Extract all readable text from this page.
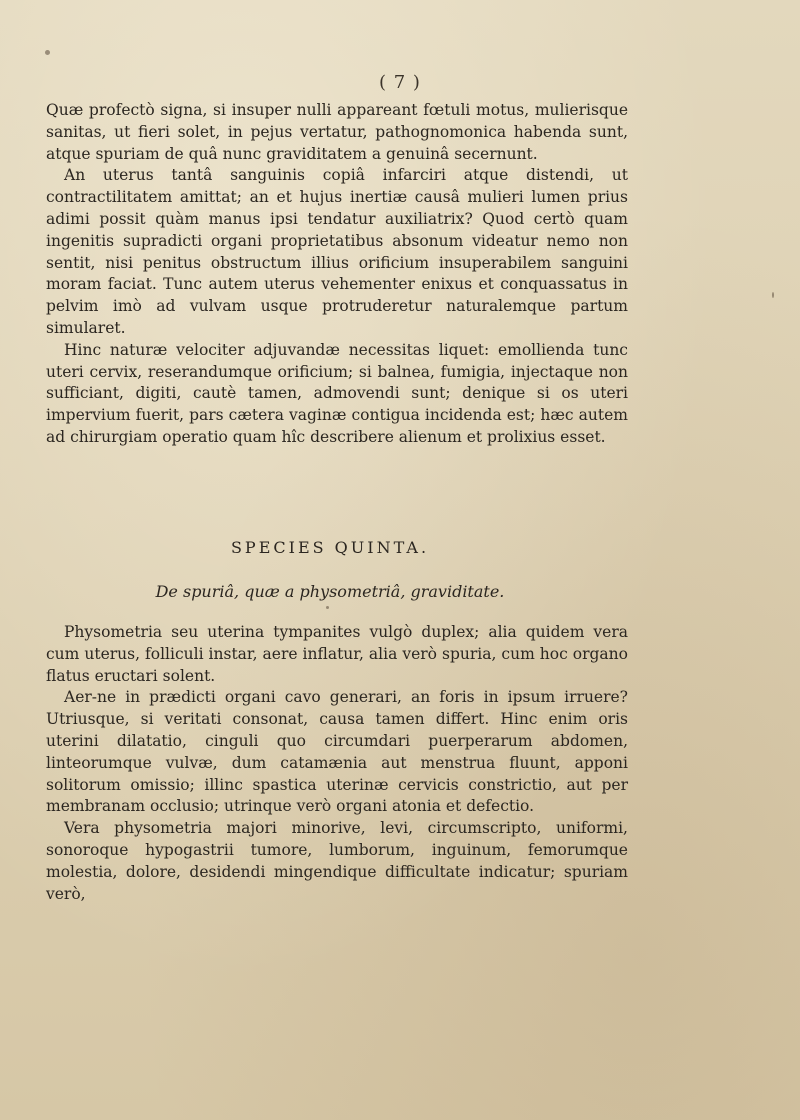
( 7 )

Quæ profectò signa, si insuper nulli appareant fœtuli motus, mulierisque sanitas, ut fieri solet, in pejus vertatur, pathognomonica habenda sunt, atque spuriam de quâ nunc graviditatem a genuinâ secernunt.

An uterus tantâ sanguinis copiâ infarciri atque distendi, ut contractilitatem amittat; an et hujus inertiæ causâ mulieri lumen prius adimi possit quàm manus ipsi tendatur auxiliatrix? Quod certò quam ingenitis supradicti organi proprietatibus absonum videatur nemo non sentit, nisi penitus obstructum illius orificium insuperabilem sanguini moram faciat. Tunc autem uterus vehementer enixus et conquassatus in pelvim imò ad vulvam usque protruderetur naturalemque partum simularet.

Hinc naturæ velociter adjuvandæ necessitas liquet: emollienda tunc uteri cervix, reserandumque orificium; si balnea, fumigia, injectaque non sufficiant, digiti, cautè tamen, admovendi sunt; denique si os uteri impervium fuerit, pars cætera vaginæ contigua incidenda est; hæc autem ad chirurgiam operatio quam hîc describere alienum et prolixius esset.

SPECIES QUINTA.
De spuriâ, quæ a physometriâ, graviditate.

Physometria seu uterina tympanites vulgò duplex; alia quidem vera cum uterus, folliculi instar, aere inflatur, alia verò spuria, cum hoc organo flatus eructari solent.

Aer-ne in prædicti organi cavo generari, an foris in ipsum irruere? Utriusque, si veritati consonat, causa tamen differt. Hinc enim oris uterini dilatatio, cinguli quo circumdari puerperarum abdomen, linteorumque vulvæ, dum catamænia aut menstrua fluunt, apponi solitorum omissio; illinc spastica uterinæ cervicis constrictio, aut per membranam occlusio; utrinque verò organi atonia et defectio.

Vera physometria majori minorive, levi, circumscripto, uniformi, sonoroque hypogastrii tumore, lumborum, inguinum, femorumque molestia, dolore, desidendi mingendique difficultate indicatur; spuriam verò,
